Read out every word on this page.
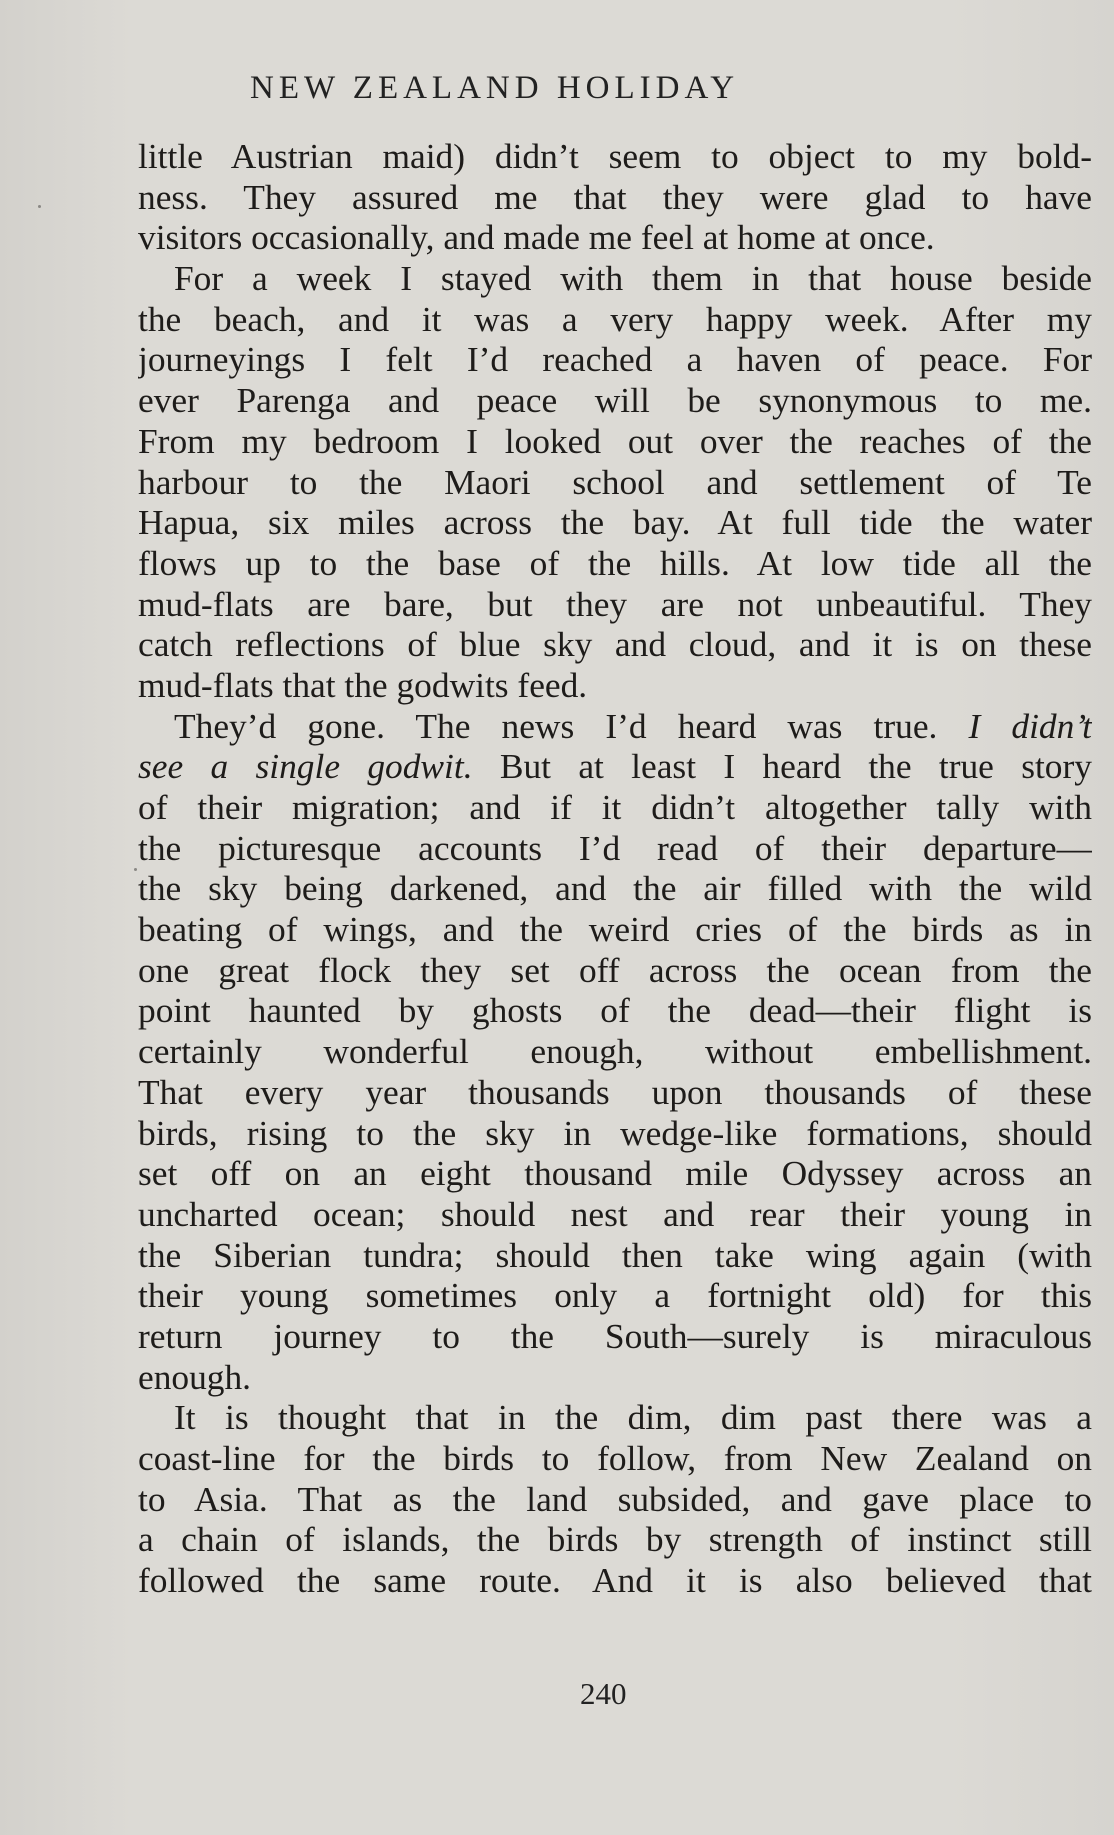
NEW ZEALAND HOLIDAY
little Austrian maid) didn’t seem to object to my bold-
ness. They assured me that they were glad to have
visitors occasionally, and made me feel at home at once.
For a week I stayed with them in that house beside
the beach, and it was a very happy week. After my
journeyings I felt I’d reached a haven of peace. For
ever Parenga and peace will be synonymous to me.
From my bedroom I looked out over the reaches of the
harbour to the Maori school and settlement of Te
Hapua, six miles across the bay. At full tide the water
flows up to the base of the hills. At low tide all the
mud-flats are bare, but they are not unbeautiful. They
catch reflections of blue sky and cloud, and it is on these
mud-flats that the godwits feed.
They’d gone. The news I’d heard was true. I didn’t
see a single godwit. But at least I heard the true story
of their migration; and if it didn’t altogether tally with
the picturesque accounts I’d read of their departure—
the sky being darkened, and the air filled with the wild
beating of wings, and the weird cries of the birds as in
one great flock they set off across the ocean from the
point haunted by ghosts of the dead—their flight is
certainly wonderful enough, without embellishment.
That every year thousands upon thousands of these
birds, rising to the sky in wedge-like formations, should
set off on an eight thousand mile Odyssey across an
uncharted ocean; should nest and rear their young in
the Siberian tundra; should then take wing again (with
their young sometimes only a fortnight old) for this
return journey to the South—surely is miraculous
enough.
It is thought that in the dim, dim past there was a
coast-line for the birds to follow, from New Zealand on
to Asia. That as the land subsided, and gave place to
a chain of islands, the birds by strength of instinct still
followed the same route. And it is also believed that
240
